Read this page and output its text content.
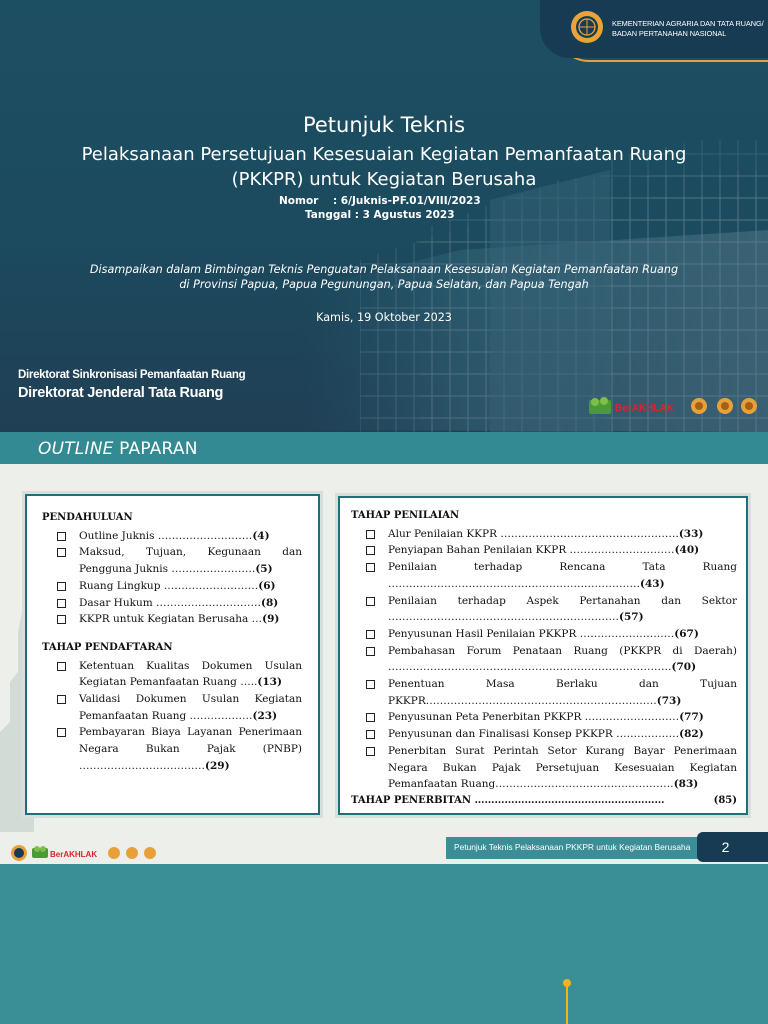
KEMENTERIAN AGRARIA DAN TATA RUANG/
BADAN PERTANAHAN NASIONAL
Petunjuk Teknis
Pelaksanaan Persetujuan Kesesuaian Kegiatan Pemanfaatan Ruang
(PKKPR) untuk Kegiatan Berusaha
Nomor    : 6/Juknis-PF.01/VIII/2023
Tanggal : 3 Agustus 2023
Disampaikan dalam Bimbingan Teknis Penguatan Pelaksanaan Kesesuaian Kegiatan Pemanfaatan Ruang
di Provinsi Papua, Papua Pegunungan, Papua Selatan, dan Papua Tengah
Kamis, 19 Oktober 2023
Direktorat Sinkronisasi Pemanfaatan Ruang
Direktorat Jenderal Tata Ruang
BerAKHLAK
OUTLINE PAPARAN
PENDAHULUAN
Outline Juknis ………………………(4)
Maksud, Tujuan, Kegunaan dan Pengguna Juknis ……………………(5)
Ruang Lingkup ………………………(6)
Dasar Hukum …………………………(8)
KKPR untuk Kegiatan Berusaha …(9)
TAHAP PENDAFTARAN
Ketentuan Kualitas Dokumen Usulan Kegiatan Pemanfaatan Ruang …..(13)
Validasi Dokumen Usulan Kegiatan Pemanfaatan Ruang ………………(23)
Pembayaran Biaya Layanan Penerimaan Negara Bukan Pajak (PNBP) ………………………………(29)
TAHAP PENILAIAN
Alur Penilaian KKPR ……………………………………………(33)
Penyiapan Bahan Penilaian KKPR …………………………(40)
Penilaian terhadap Rencana Tata Ruang ………………………………………………………………(43)
Penilaian terhadap Aspek Pertanahan dan Sektor …………………………………………………………(57)
Penyusunan Hasil Penilaian PKKPR ………………………(67)
Pembahasan Forum Penataan Ruang (PKKPR di Daerah) ………………………………………………………………………(70)
Penentuan Masa Berlaku dan Tujuan PKKPR…………………………………………………………(73)
Penyusunan Peta Penerbitan PKKPR ………………………(77)
Penyusunan dan Finalisasi Konsep PKKPR ………………(82)
Penerbitan Surat Perintah Setor Kurang Bayar Penerimaan Negara Bukan Pajak Persetujuan Kesesuaian Kegiatan Pemanfaatan Ruang……………………………………………(83)
TAHAP PENERBITAN …………………………………………………	(85)
Petunjuk Teknis Pelaksanaan PKKPR untuk Kegiatan Berusaha	2
BerAKHLAK
